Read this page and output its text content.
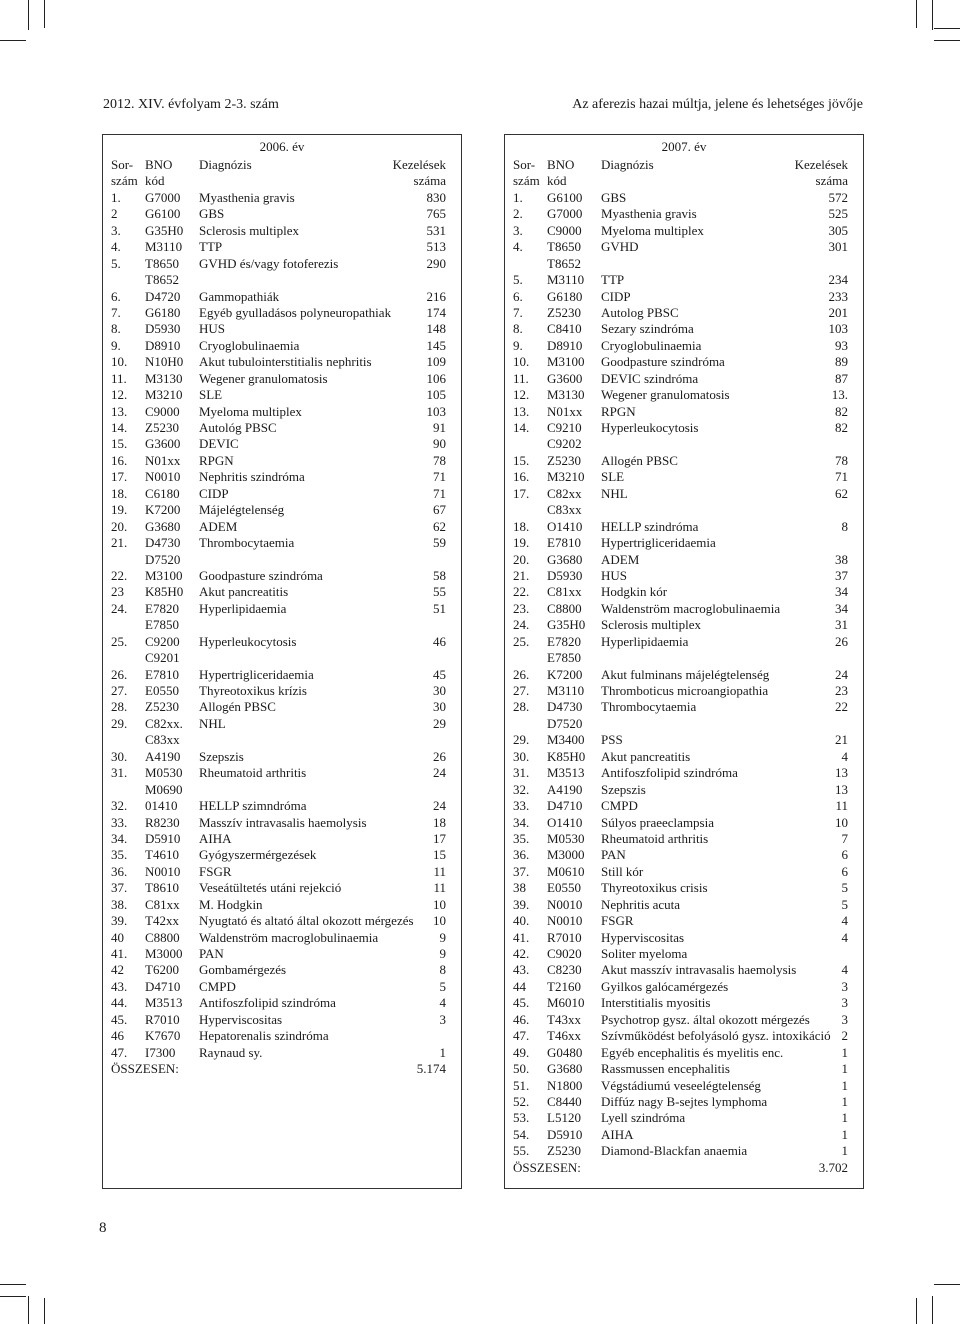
2012. XIV. évfolyam 2-3. szám	Az aferezis hazai múltja, jelene és lehetséges jövője
2006. év
Sor- BNO Diagnózis	Kezelések
szám kód	száma
1. G7000 Myasthenia gravis	830
2 G6100 GBS	765
3. G35H0 Sclerosis multiplex	531
4. M3110 TTP	513
5. T8650 GVHD és/vagy fotoferezis	290
T8652
6. D4720 Gammopathiák	216
7. G6180 Egyéb gyulladásos polyneuropathiak	174
8. D5930 HUS	148
9. D8910 Cryoglobulinaemia	145
10. N10H0 Akut tubulointerstitialis nephritis	109
11. M3130 Wegener granulomatosis	106
12. M3210 SLE	105
13. C9000 Myeloma multiplex	103
14. Z5230 Autológ PBSC	91
15. G3600 DEVIC	90
16. N01xx RPGN	78
17. N0010 Nephritis szindróma	71
18. C6180 CIDP	71
19. K7200 Májelégtelenség	67
20. G3680 ADEM	62
21. D4730 Thrombocytaemia	59
D7520
22. M3100 Goodpasture szindróma	58
23 K85H0 Akut pancreatitis	55
24. E7820 Hyperlipidaemia	51
E7850
25. C9200 Hyperleukocytosis	46
C9201
26. E7810 Hypertrigliceridaemia	45
27. E0550 Thyreotoxikus krízis	30
28. Z5230 Allogén PBSC	30
29. C82xx. NHL	29
C83xx
30. A4190 Szepszis	26
31. M0530 Rheumatoid arthritis	24
M0690
32. 01410 HELLP szimndróma	24
33. R8230 Masszív intravasalis haemolysis	18
34. D5910 AIHA	17
35. T4610 Gyógyszermérgezések	15
36. N0010 FSGR	11
37. T8610 Veseátültetés utáni rejekció	11
38. C81xx M. Hodgkin	10
39. T42xx Nyugtató és altató által okozott mérgezés 10
40 C8800 Waldenström macroglobulinaemia	9
41. M3000 PAN	9
42 T6200 Gombamérgezés	8
43. D4710 CMPD	5
44. M3513 Antifoszfolipid szindróma	4
45. R7010 Hyperviscositas	3
46 K7670 Hepatorenalis szindróma
47. I7300 Raynaud sy.	1
ÖSSZESEN:	5.174
2007. év
Sor- BNO Diagnózis	Kezelések
szám kód	száma
1. G6100 GBS	572
2. G7000 Myasthenia gravis	525
3. C9000 Myeloma multiplex	305
4. T8650 GVHD	301
T8652
5. M3110 TTP	234
6. G6180 CIDP	233
7. Z5230 Autolog PBSC	201
8. C8410 Sezary szindróma	103
9. D8910 Cryoglobulinaemia	93
10. M3100 Goodpasture szindróma	89
11. G3600 DEVIC szindróma	87
12. M3130 Wegener granulomatosis	13.
13. N01xx RPGN	82
14. C9210 Hyperleukocytosis	82
C9202
15. Z5230 Allogén PBSC	78
16. M3210 SLE	71
17. C82xx NHL	62
C83xx
18. O1410 HELLP szindróma	8
19. E7810 Hypertrigliceridaemia
20. G3680 ADEM	38
21. D5930 HUS	37
22. C81xx Hodgkin kór	34
23. C8800 Waldenström macroglobulinaemia	34
24. G35H0 Sclerosis multiplex	31
25. E7820 Hyperlipidaemia	26
E7850
26. K7200 Akut fulminans májelégtelenség	24
27. M3110 Thromboticus microangiopathia	23
28. D4730 Thrombocytaemia	22
D7520
29. M3400 PSS	21
30. K85H0 Akut pancreatitis	4
31. M3513 Antifoszfolipid szindróma	13
32. A4190 Szepszis	13
33. D4710 CMPD	11
34. O1410 Súlyos praeeclampsia	10
35. M0530 Rheumatoid arthritis	7
36. M3000 PAN	6
37. M0610 Still kór	6
38 E0550 Thyreotoxikus crisis	5
39. N0010 Nephritis acuta	5
40. N0010 FSGR	4
41. R7010 Hyperviscositas	4
42. C9020 Soliter myeloma
43. C8230 Akut masszív intravasalis haemolysis	4
44 T2160 Gyilkos galócamérgezés	3
45. M6010 Interstitialis myositis	3
46. T43xx Psychotrop gysz. által okozott mérgezés 3
47. T46xx Szívműködést befolyásoló gysz. intoxikáció 2
49. G0480 Egyéb encephalitis és myelitis enc.	1
50. G3680 Rassmussen encephalitis	1
51. N1800 Végstádiumú veseelégtelenség	1
52. C8440 Diffúz nagy B-sejtes lymphoma	1
53. L5120 Lyell szindróma	1
54. D5910 AIHA	1
55. Z5230 Diamond-Blackfan anaemia	1
ÖSSZESEN:	3.702
8
